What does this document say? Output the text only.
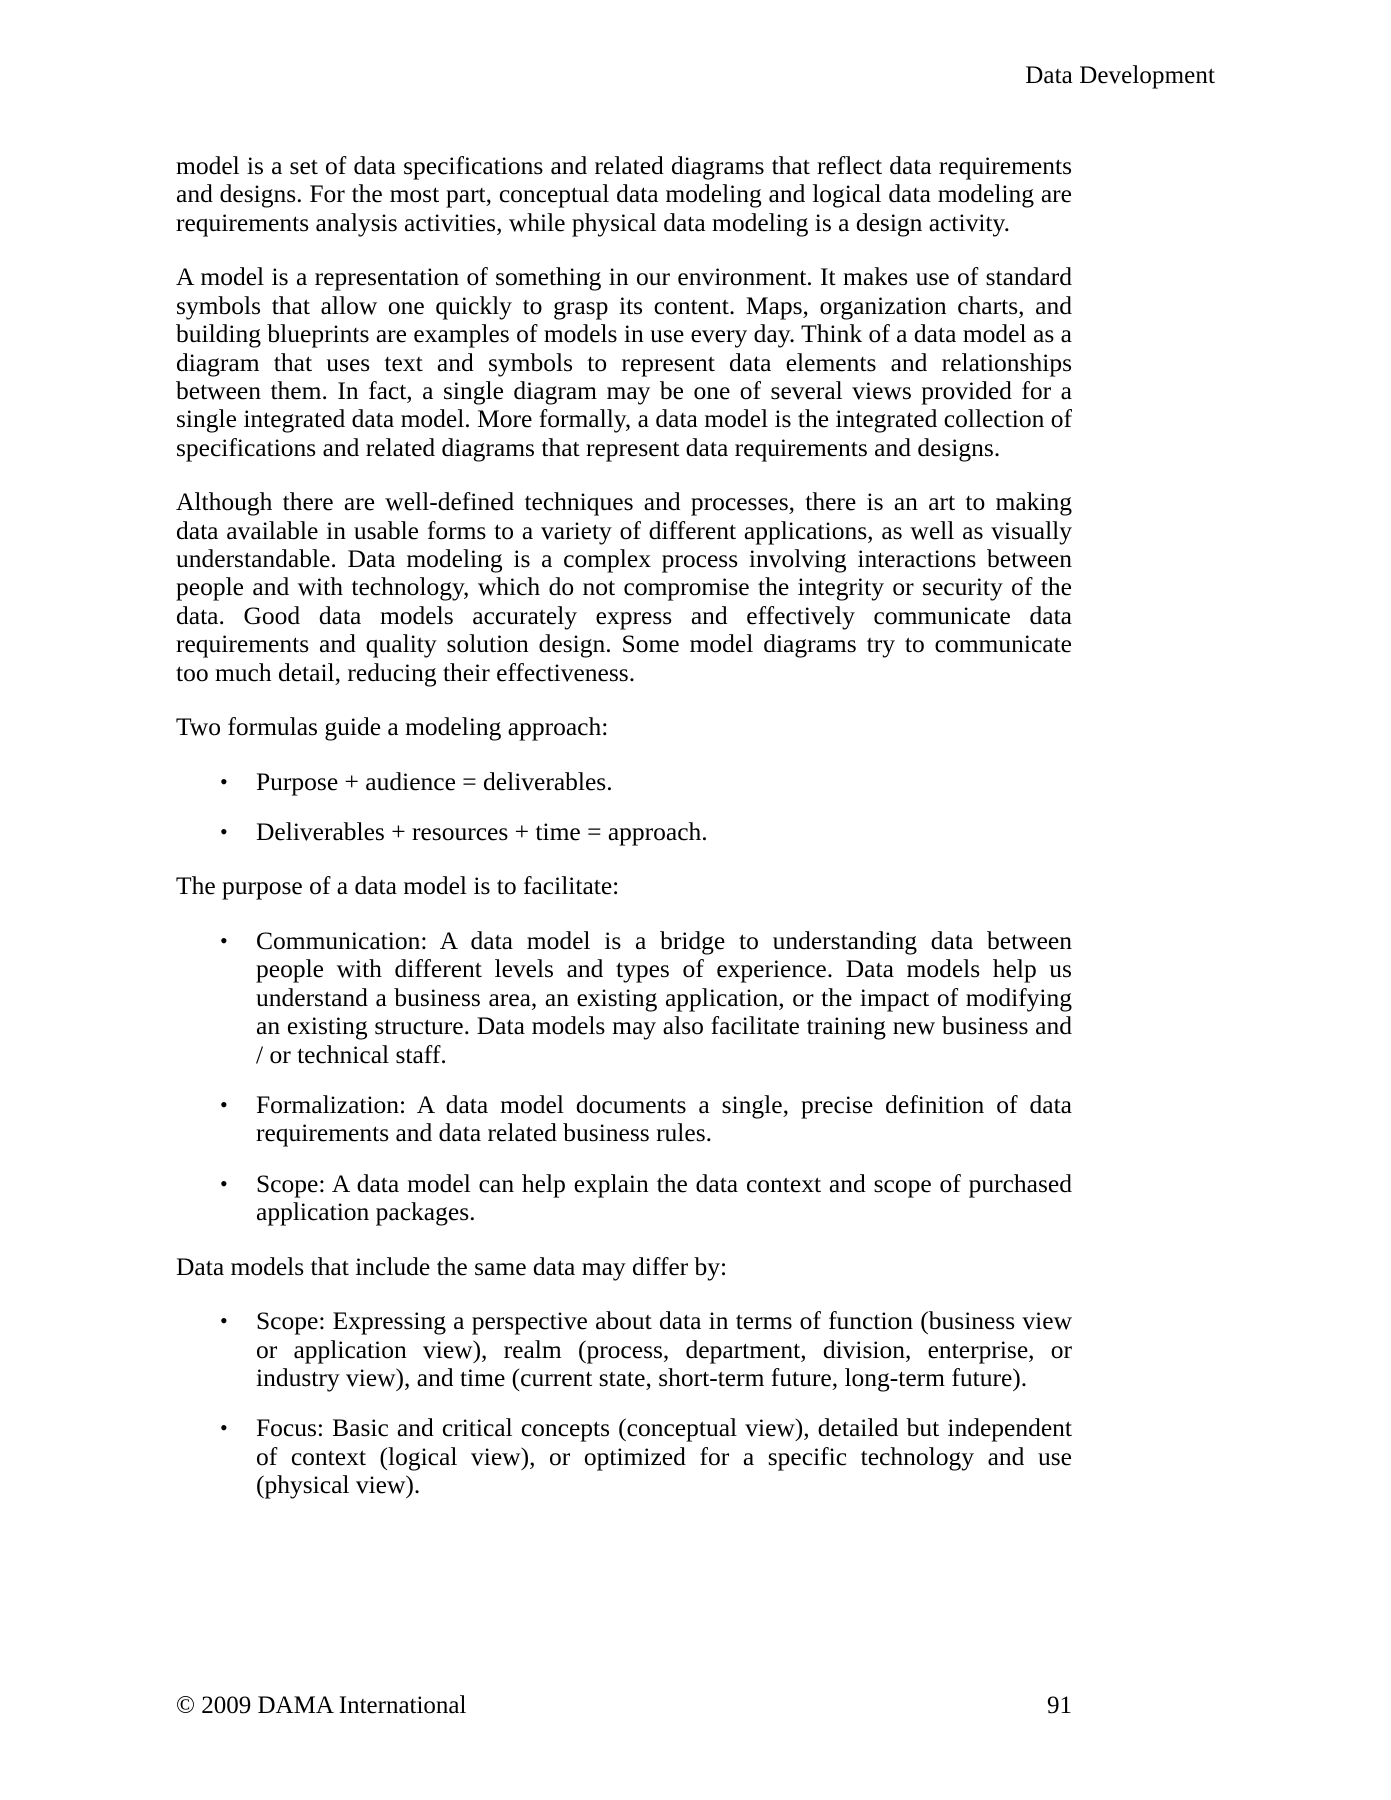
Data Development

model is a set of data specifications and related diagrams that reflect data requirements and designs. For the most part, conceptual data modeling and logical data modeling are requirements analysis activities, while physical data modeling is a design activity.

A model is a representation of something in our environment. It makes use of standard symbols that allow one quickly to grasp its content. Maps, organization charts, and building blueprints are examples of models in use every day. Think of a data model as a diagram that uses text and symbols to represent data elements and relationships between them. In fact, a single diagram may be one of several views provided for a single integrated data model. More formally, a data model is the integrated collection of specifications and related diagrams that represent data requirements and designs.

Although there are well-defined techniques and processes, there is an art to making data available in usable forms to a variety of different applications, as well as visually understandable. Data modeling is a complex process involving interactions between people and with technology, which do not compromise the integrity or security of the data. Good data models accurately express and effectively communicate data requirements and quality solution design. Some model diagrams try to communicate too much detail, reducing their effectiveness.

Two formulas guide a modeling approach:

• Purpose + audience = deliverables.
• Deliverables + resources + time = approach.

The purpose of a data model is to facilitate:

• Communication: A data model is a bridge to understanding data between people with different levels and types of experience. Data models help us understand a business area, an existing application, or the impact of modifying an existing structure. Data models may also facilitate training new business and / or technical staff.
• Formalization: A data model documents a single, precise definition of data requirements and data related business rules.
• Scope: A data model can help explain the data context and scope of purchased application packages.

Data models that include the same data may differ by:

• Scope: Expressing a perspective about data in terms of function (business view or application view), realm (process, department, division, enterprise, or industry view), and time (current state, short-term future, long-term future).
• Focus: Basic and critical concepts (conceptual view), detailed but independent of context (logical view), or optimized for a specific technology and use (physical view).
© 2009 DAMA International	91
